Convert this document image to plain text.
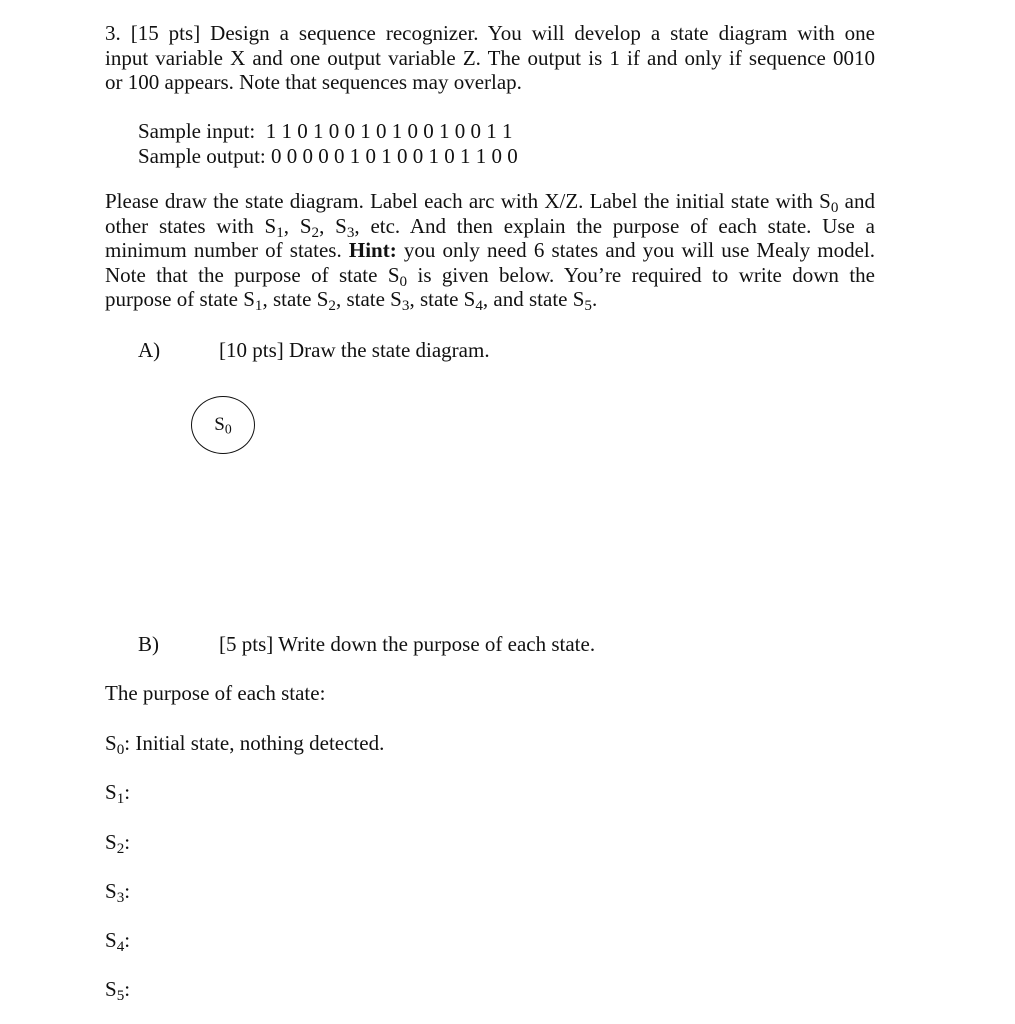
3. [15 pts] Design a sequence recognizer. You will develop a state diagram with one
input variable X and one output variable Z. The output is 1 if and only if sequence 0010
or 100 appears. Note that sequences may overlap.
Sample input: 1 1 0 1 0 0 1 0 1 0 0 1 0 0 1 1
Sample output: 0 0 0 0 0 1 0 1 0 0 1 0 1 1 0 0
Please draw the state diagram. Label each arc with X/Z. Label the initial state with $S_0$ and
other states with $S_1$, $S_2$, $S_3$, etc. And then explain the purpose of each state. Use a
minimum number of states. Hint: you only need 6 states and you will use Mealy model.
Note that the purpose of state $S_0$ is given below. You’re required to write down the
purpose of state $S_1$, state $S_2$, state $S_3$, state $S_4$, and state $S_5$.
A)	[10 pts] Draw the state diagram.
$S_0$
B)	[5 pts] Write down the purpose of each state.
The purpose of each state:
$S_0$: Initial state, nothing detected.
$S_1$:
$S_2$:
$S_3$:
$S_4$:
$S_5$:
